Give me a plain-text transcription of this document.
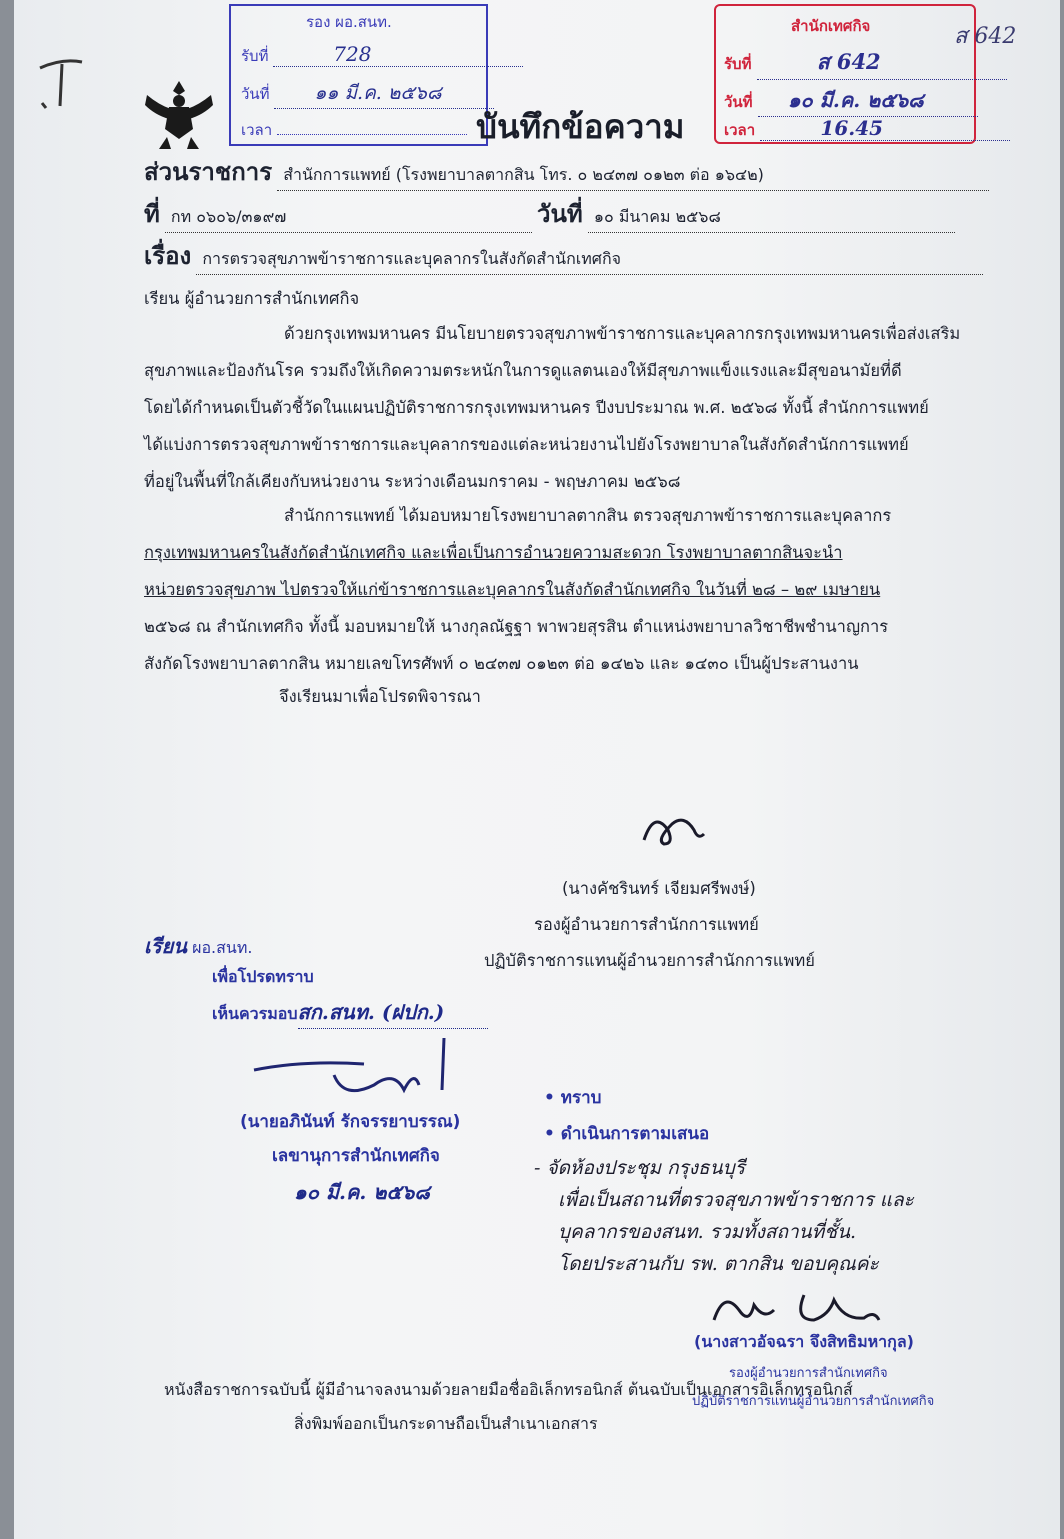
รอง ผอ.สนท.
รับที่	728
วันที่ ๑๑ มี.ค. ๒๕๖๘
เวลา
สำนักเทศกิจ
รับที่	ส 642
วันที่ ๑๐ มี.ค. ๒๕๖๘
เวลา	16.45
ส 642
บันทึกข้อความ
ส่วนราชการ สำนักการแพทย์ (โรงพยาบาลตากสิน โทร. ๐ ๒๔๓๗ ๐๑๒๓ ต่อ ๑๖๔๒)
ที่ กท ๐๖๐๖/๓๑๙๗	วันที่ ๑๐ มีนาคม ๒๕๖๘
เรื่อง การตรวจสุขภาพข้าราชการและบุคลากรในสังกัดสำนักเทศกิจ
เรียน ผู้อำนวยการสำนักเทศกิจ
ด้วยกรุงเทพมหานคร มีนโยบายตรวจสุขภาพข้าราชการและบุคลากรกรุงเทพมหานครเพื่อส่งเสริม
สุขภาพและป้องกันโรค รวมถึงให้เกิดความตระหนักในการดูแลตนเองให้มีสุขภาพแข็งแรงและมีสุขอนามัยที่ดี
โดยได้กำหนดเป็นตัวชี้วัดในแผนปฏิบัติราชการกรุงเทพมหานคร ปีงบประมาณ พ.ศ. ๒๕๖๘ ทั้งนี้ สำนักการแพทย์
ได้แบ่งการตรวจสุขภาพข้าราชการและบุคลากรของแต่ละหน่วยงานไปยังโรงพยาบาลในสังกัดสำนักการแพทย์
ที่อยู่ในพื้นที่ใกล้เคียงกับหน่วยงาน ระหว่างเดือนมกราคม - พฤษภาคม ๒๕๖๘
สำนักการแพทย์ ได้มอบหมายโรงพยาบาลตากสิน ตรวจสุขภาพข้าราชการและบุคลากร
กรุงเทพมหานครในสังกัดสำนักเทศกิจ และเพื่อเป็นการอำนวยความสะดวก โรงพยาบาลตากสินจะนำ
หน่วยตรวจสุขภาพ ไปตรวจให้แก่ข้าราชการและบุคลากรในสังกัดสำนักเทศกิจ ในวันที่ ๒๘ – ๒๙ เมษายน
๒๕๖๘ ณ สำนักเทศกิจ ทั้งนี้ มอบหมายให้ นางกุลณัฐฐา พาพวยสุรสิน ตำแหน่งพยาบาลวิชาชีพชำนาญการ
สังกัดโรงพยาบาลตากสิน หมายเลขโทรศัพท์ ๐ ๒๔๓๗ ๐๑๒๓ ต่อ ๑๔๒๖ และ ๑๔๓๐ เป็นผู้ประสานงาน
จึงเรียนมาเพื่อโปรดพิจารณา
(นางคัชรินทร์ เจียมศรีพงษ์)
รองผู้อำนวยการสำนักการแพทย์
ปฏิบัติราชการแทนผู้อำนวยการสำนักการแพทย์
เรียน ผอ.สนท.
เพื่อโปรดทราบ
เห็นควรมอบสก.สนท. (ฝปก.)
(นายอภินันท์ รักจรรยาบรรณ)
เลขานุการสำนักเทศกิจ
๑๐ มี.ค. ๒๕๖๘
• ทราบ
• ดำเนินการตามเสนอ
- จัดห้องประชุม กรุงธนบุรี
เพื่อเป็นสถานที่ตรวจสุขภาพข้าราชการ และ
บุคลากรของสนท. รวมทั้งสถานที่ชั้น.
โดยประสานกับ รพ. ตากสิน ขอบคุณค่ะ
(นางสาวอัจฉรา จึงสิทธิมหากุล)
รองผู้อำนวยการสำนักเทศกิจ
ปฏิบัติราชการแทนผู้อำนวยการสำนักเทศกิจ
หนังสือราชการฉบับนี้ ผู้มีอำนาจลงนามด้วยลายมือชื่ออิเล็กทรอนิกส์ ต้นฉบับเป็นเอกสารอิเล็กทรอนิกส์
สิ่งพิมพ์ออกเป็นกระดาษถือเป็นสำเนาเอกสาร
